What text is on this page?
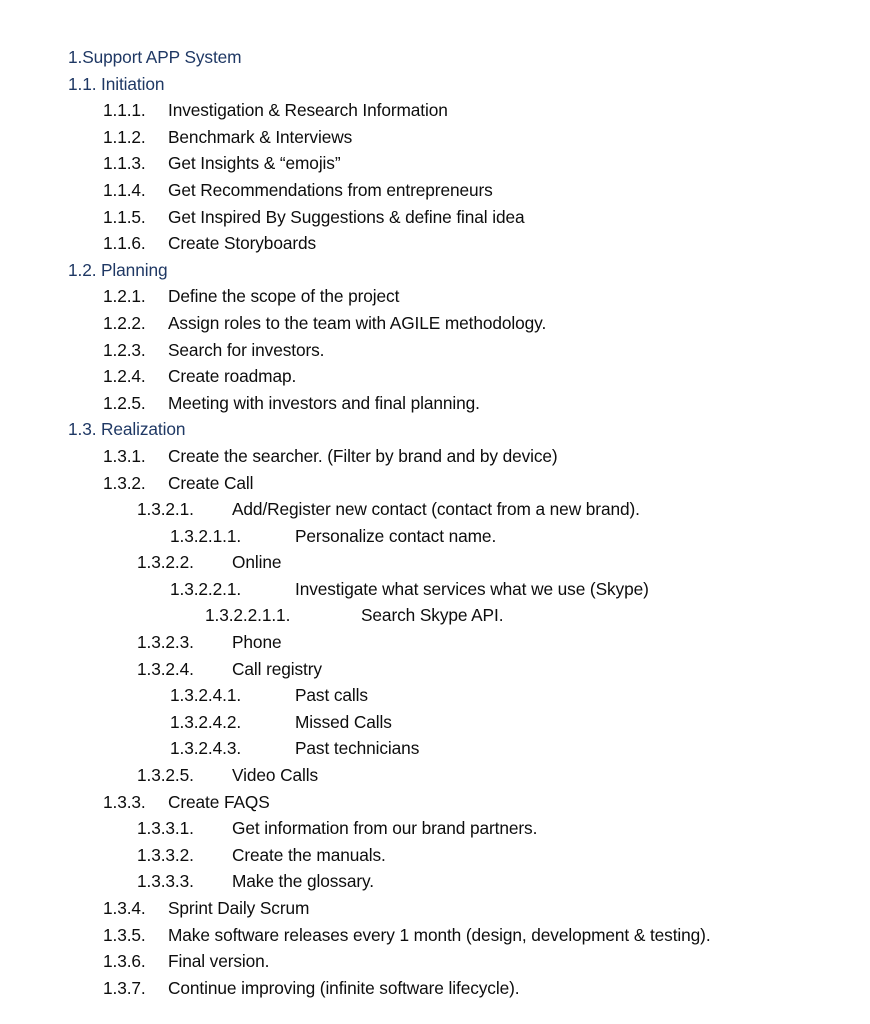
1. Support APP System
1.1. Initiation
1.1.1.	Investigation & Research Information
1.1.2.	Benchmark & Interviews
1.1.3.	Get Insights & “emojis”
1.1.4.	Get Recommendations from entrepreneurs
1.1.5.	Get Inspired By Suggestions & define final idea
1.1.6.	Create Storyboards
1.2. Planning
1.2.1.	Define the scope of the project
1.2.2.	Assign roles to the team with AGILE methodology.
1.2.3.	Search for investors.
1.2.4.	Create roadmap.
1.2.5.	Meeting with investors and final planning.
1.3. Realization
1.3.1.	Create the searcher. (Filter by brand and by device)
1.3.2.	Create Call
1.3.2.1.	Add/Register new contact (contact from a new brand).
1.3.2.1.1.	Personalize contact name.
1.3.2.2.	Online
1.3.2.2.1.	Investigate what services what we use (Skype)
1.3.2.2.1.1.	Search Skype API.
1.3.2.3.	Phone
1.3.2.4.	Call registry
1.3.2.4.1.	Past calls
1.3.2.4.2.	Missed Calls
1.3.2.4.3.	Past technicians
1.3.2.5.	Video Calls
1.3.3.	Create FAQS
1.3.3.1.	Get information from our brand partners.
1.3.3.2.	Create the manuals.
1.3.3.3.	Make the glossary.
1.3.4.	Sprint Daily Scrum
1.3.5.	Make software releases every 1 month (design, development & testing).
1.3.6.	Final version.
1.3.7.	Continue improving (infinite software lifecycle).
